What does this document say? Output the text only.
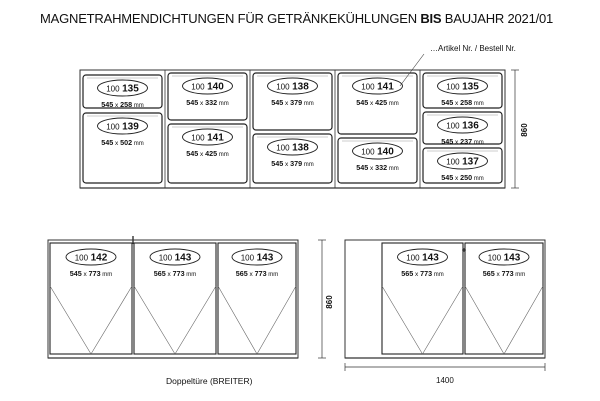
MAGNETRAHMENDICHTUNGEN FÜR GETRÄNKEKÜHLUNGEN BIS BAUJAHR 2021/01
…Artikel Nr. / Bestell Nr.
100 135
545 x 258 mm
100 139
545 x 502 mm
100 140
545 x 332 mm
100 141
545 x 425 mm
100 138
545 x 379 mm
100 138
545 x 379 mm
100 141
545 x 425 mm
100 140
545 x 332 mm
100 135
545 x 258 mm
100 136
545 x 237 mm
100 137
545 x 250 mm
860
100 142
545 x 773 mm
100 143
565 x 773 mm
100 143
565 x 773 mm
860
100 143
565 x 773 mm
100 143
565 x 773 mm
Doppeltüre (BREITER)	1400
